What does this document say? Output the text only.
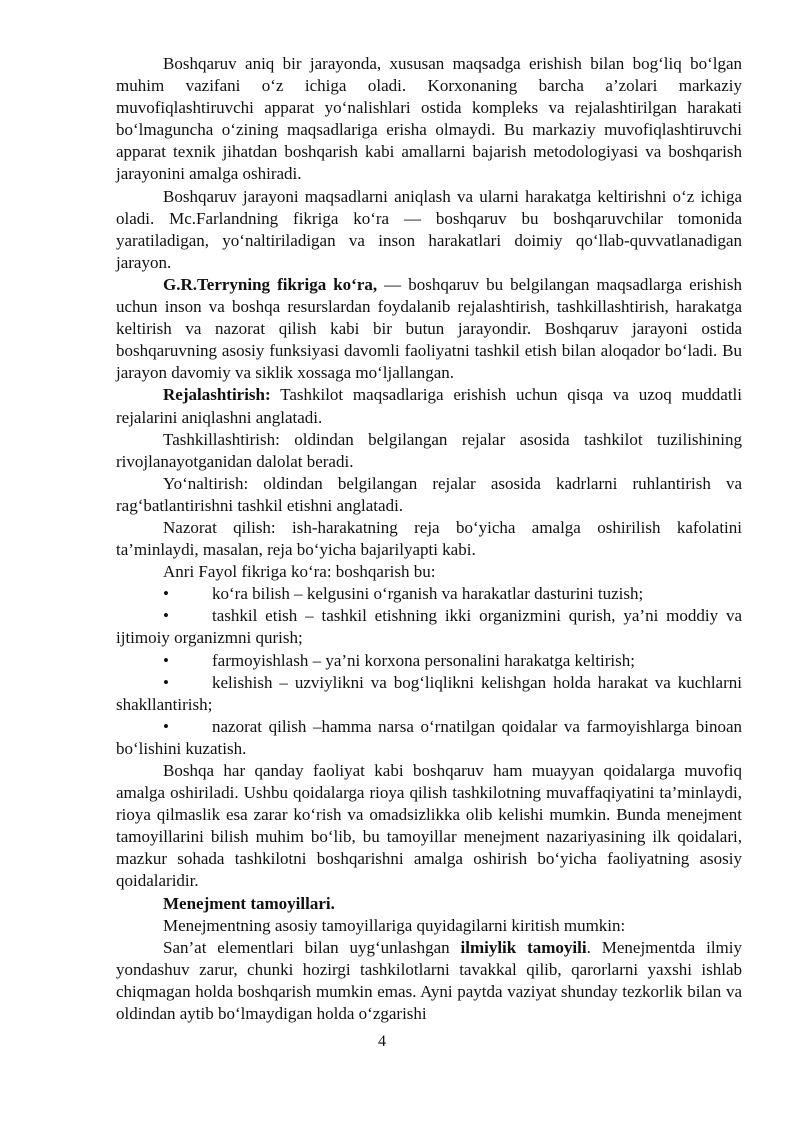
Boshqaruv aniq bir jarayonda, xususan maqsadga erishish bilan bog‘liq bo‘lgan muhim vazifani o‘z ichiga oladi. Korxonaning barcha a’zolari markaziy muvofiqlashtiruvchi apparat yo‘nalishlari ostida kompleks va rejalashtirilgan harakati bo‘lmaguncha o‘zining maqsadlariga erisha olmaydi. Bu markaziy muvofiqlashtiruvchi apparat texnik jihatdan boshqarish kabi amallarni bajarish metodologiyasi va boshqarish jarayonini amalga oshiradi.

Boshqaruv jarayoni maqsadlarni aniqlash va ularni harakatga keltirishni o‘z ichiga oladi. Mc.Farlandning fikriga ko‘ra — boshqaruv bu boshqaruvchilar tomonida yaratiladigan, yo‘naltiriladigan va inson harakatlari doimiy qo‘llab-quvvatlanadigan jarayon.

G.R.Terryning fikriga ko‘ra, — boshqaruv bu belgilangan maqsadlarga erishish uchun inson va boshqa resurslardan foydalanib rejalashtirish, tashkillashtirish, harakatga keltirish va nazorat qilish kabi bir butun jarayondir. Boshqaruv jarayoni ostida boshqaruvning asosiy funksiyasi davomli faoliyatni tashkil etish bilan aloqador bo‘ladi. Bu jarayon davomiy va siklik xossaga mo‘ljallangan.

Rejalashtirish: Tashkilot maqsadlariga erishish uchun qisqa va uzoq muddatli rejalarini aniqlashni anglatadi.

Tashkillashtirish: oldindan belgilangan rejalar asosida tashkilot tuzilishining rivojlanayotganidan dalolat beradi.

Yo‘naltirish: oldindan belgilangan rejalar asosida kadrlarni ruhlantirish va rag‘batlantirishni tashkil etishni anglatadi.

Nazorat qilish: ish-harakatning reja bo‘yicha amalga oshirilish kafolatini ta’minlaydi, masalan, reja bo‘yicha bajarilyapti kabi.

Anri Fayol fikriga ko‘ra: boshqarish bu:

•	ko‘ra bilish – kelgusini o‘rganish va harakatlar dasturini tuzish;

•	tashkil etish – tashkil etishning ikki organizmini qurish, ya’ni moddiy va ijtimoiy organizmni qurish;

•	farmoyishlash – ya’ni korxona personalini harakatga keltirish;

•	kelishish – uzviylikni va bog‘liqlikni kelishgan holda harakat va kuchlarni shakllantirish;

•	nazorat qilish –hamma narsa o‘rnatilgan qoidalar va farmoyishlarga binoan bo‘lishini kuzatish.

Boshqa har qanday faoliyat kabi boshqaruv ham muayyan qoidalarga muvofiq amalga oshiriladi. Ushbu qoidalarga rioya qilish tashkilotning muvaffaqiyatini ta’minlaydi, rioya qilmaslik esa zarar ko‘rish va omadsizlikka olib kelishi mumkin. Bunda menejment tamoyillarini bilish muhim bo‘lib, bu tamoyillar menejment nazariyasining ilk qoidalari, mazkur sohada tashkilotni boshqarishni amalga oshirish bo‘yicha faoliyatning asosiy qoidalaridir.

Menejment tamoyillari.

Menejmentning asosiy tamoyillariga quyidagilarni kiritish mumkin:

San’at elementlari bilan uyg‘unlashgan ilmiylik tamoyili. Menejmentda ilmiy yondashuv zarur, chunki hozirgi tashkilotlarni tavakkal qilib, qarorlarni yaxshi ishlab chiqmagan holda boshqarish mumkin emas. Ayni paytda vaziyat shunday tezkorlik bilan va oldindan aytib bo‘lmaydigan holda o‘zgarishi

4
